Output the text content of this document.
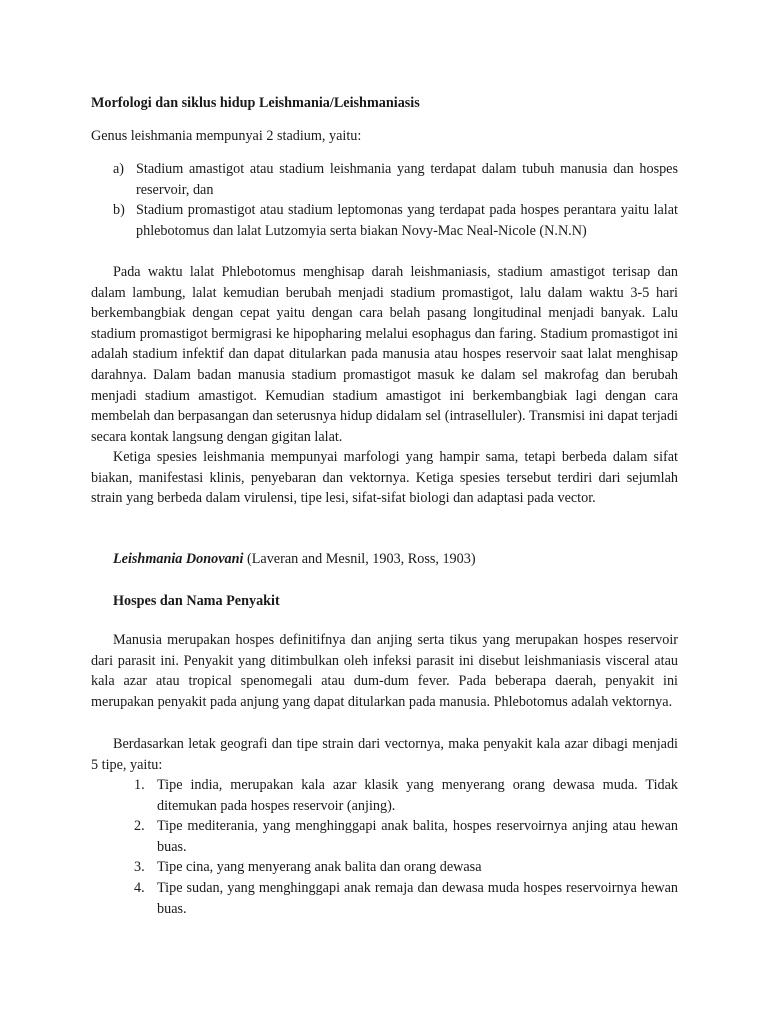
Morfologi dan siklus hidup Leishmania/Leishmaniasis

Genus leishmania mempunyai 2 stadium, yaitu:

a) Stadium amastigot atau stadium leishmania yang terdapat dalam tubuh manusia dan hospes reservoir, dan
b) Stadium promastigot atau stadium leptomonas yang terdapat pada hospes perantara yaitu lalat phlebotomus dan lalat Lutzomyia serta biakan Novy-Mac Neal-Nicole (N.N.N)

Pada waktu lalat Phlebotomus menghisap darah leishmaniasis, stadium amastigot terisap dan dalam lambung, lalat kemudian berubah menjadi stadium promastigot, lalu dalam waktu 3-5 hari berkembangbiak dengan cepat yaitu dengan cara belah pasang longitudinal menjadi banyak. Lalu stadium promastigot bermigrasi ke hipopharing melalui esophagus dan faring. Stadium promastigot ini adalah stadium infektif dan dapat ditularkan pada manusia atau hospes reservoir saat lalat menghisap darahnya. Dalam badan manusia stadium promastigot masuk ke dalam sel makrofag dan berubah menjadi stadium amastigot. Kemudian stadium amastigot ini berkembangbiak lagi dengan cara membelah dan berpasangan dan seterusnya hidup didalam sel (intraselluler). Transmisi ini dapat terjadi secara kontak langsung dengan gigitan lalat.

Ketiga spesies leishmania mempunyai marfologi yang hampir sama, tetapi berbeda dalam sifat biakan, manifestasi klinis, penyebaran dan vektornya. Ketiga spesies tersebut terdiri dari sejumlah strain yang berbeda dalam virulensi, tipe lesi, sifat-sifat biologi dan adaptasi pada vector.

Leishmania Donovani (Laveran and Mesnil, 1903, Ross, 1903)

Hospes dan Nama Penyakit

Manusia merupakan hospes definitifnya dan anjing serta tikus yang merupakan hospes reservoir dari parasit ini. Penyakit yang ditimbulkan oleh infeksi parasit ini disebut leishmaniasis visceral atau kala azar atau tropical spenomegali atau dum-dum fever. Pada beberapa daerah, penyakit ini merupakan penyakit pada anjung yang dapat ditularkan pada manusia. Phlebotomus adalah vektornya.

Berdasarkan letak geografi dan tipe strain dari vectornya, maka penyakit kala azar dibagi menjadi 5 tipe, yaitu:

1. Tipe india, merupakan kala azar klasik yang menyerang orang dewasa muda. Tidak ditemukan pada hospes reservoir (anjing).
2. Tipe mediterania, yang menghinggapi anak balita, hospes reservoirnya anjing atau hewan buas.
3. Tipe cina, yang menyerang anak balita dan orang dewasa
4. Tipe sudan, yang menghinggapi anak remaja dan dewasa muda hospes reservoirnya hewan buas.
